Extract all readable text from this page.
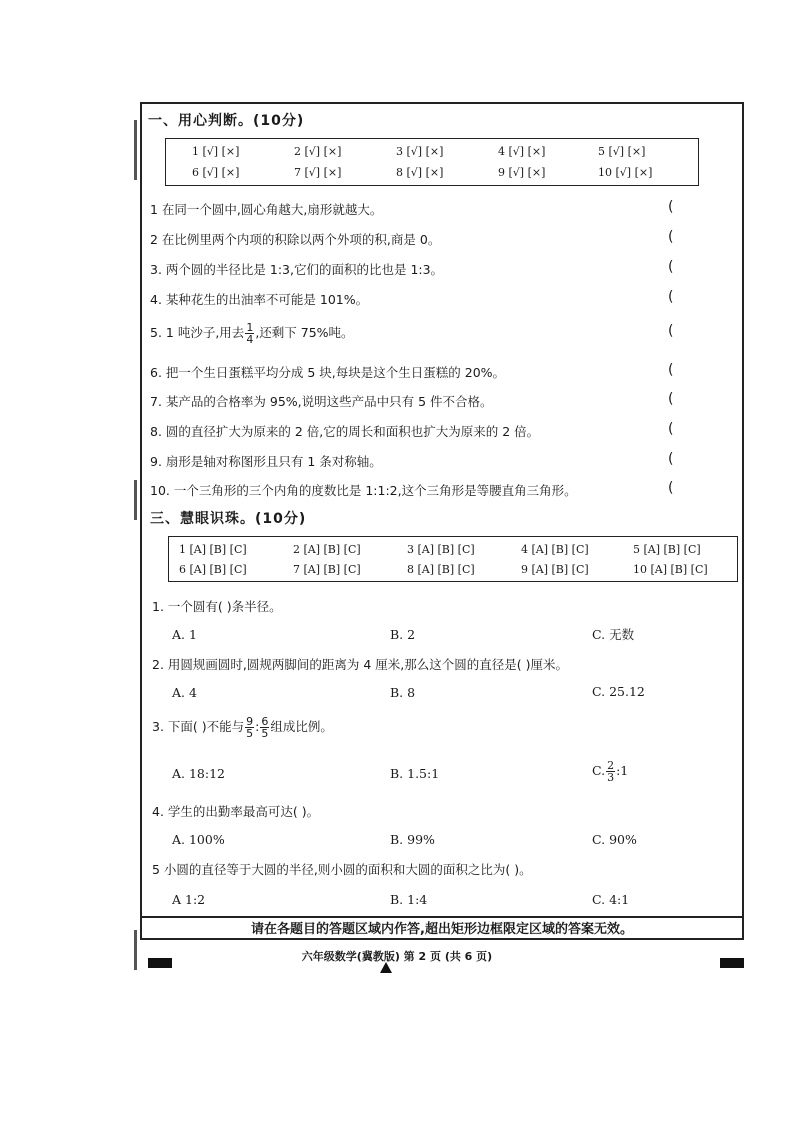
一、用心判断。(10分)
1 [√] [×]	2 [√] [×]	3 [√] [×]	4 [√] [×]	5 [√] [×]
6 [√] [×]	7 [√] [×]	8 [√] [×]	9 [√] [×]	10 [√] [×]
1 在同一个圆中,圆心角越大,扇形就越大。	(
2 在比例里两个内项的积除以两个外项的积,商是 0。	(
3. 两个圆的半径比是 1:3,它们的面积的比也是 1:3。	(
4. 某种花生的出油率不可能是 101%。	(
5. 1 吨沙子,用去 $\frac{1}{4}$ ,还剩下 75%吨。	(
6. 把一个生日蛋糕平均分成 5 块,每块是这个生日蛋糕的 20%。	(
7. 某产品的合格率为 95%,说明这些产品中只有 5 件不合格。	(
8. 圆的直径扩大为原来的 2 倍,它的周长和面积也扩大为原来的 2 倍。	(
9. 扇形是轴对称图形且只有 1 条对称轴。	(
10. 一个三角形的三个内角的度数比是 1:1:2,这个三角形是等腰直角三角形。	(
三、慧眼识珠。(10分)
1 [A] [B] [C]	2 [A] [B] [C]	3 [A] [B] [C]	4 [A] [B] [C]	5 [A] [B] [C]
6 [A] [B] [C]	7 [A] [B] [C]	8 [A] [B] [C]	9 [A] [B] [C]	10 [A] [B] [C]
1. 一个圆有( )条半径。
A. 1	B. 2	C. 无数
2. 用圆规画圆时,圆规两脚间的距离为 4 厘米,那么这个圆的直径是( )厘米。
A. 4	B. 8	C. 25.12
3. 下面( )不能与 $\frac{9}{5}$ : $\frac{6}{5}$ 组成比例。
A. 18:12	B. 1.5:1	C. $\frac{2}{3}$ :1
4. 学生的出勤率最高可达( )。
A. 100%	B. 99%	C. 90%
5 小圆的直径等于大圆的半径,则小圆的面积和大圆的面积之比为( )。
A 1:2	B. 1:4	C. 4:1
请在各题目的答题区域内作答,超出矩形边框限定区域的答案无效。
六年级数学(冀教版) 第 2 页 (共 6 页)
